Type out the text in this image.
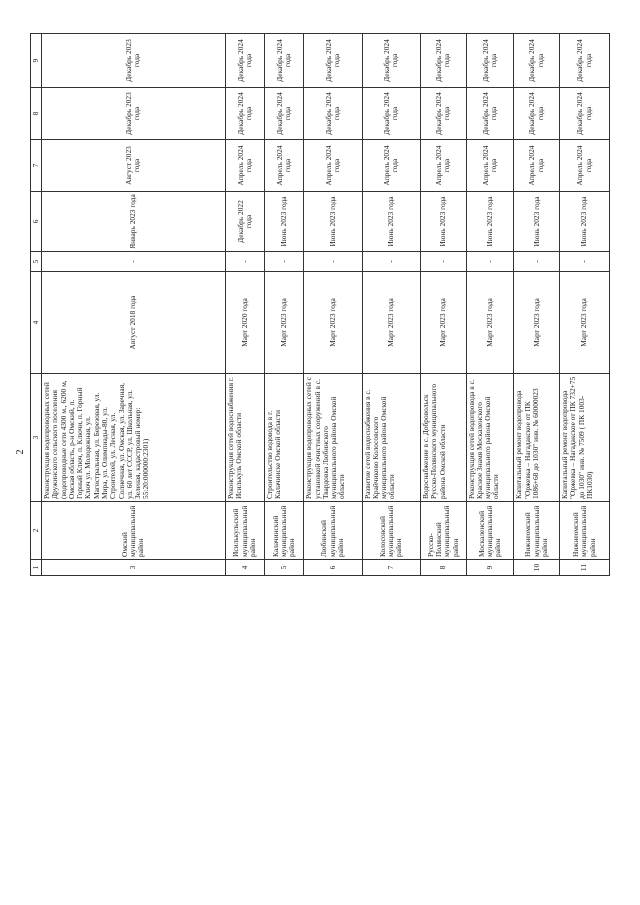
2
1	2	3	4	5	6	7	8	9
3	Омский муниципальный район	Реконструкция водопроводных сетей Дружинского сельского поселения (водопроводные сети 4300 м., 6200 м, Омская область, р-н Омский, п. Горный Ключ, п. Ключи, п. Горный Ключ ул. Молодежная, ул. Магистральная, ул. Березовая, ул. Мира, ул. Олимпиады-80, ул. Строителей, ул. Лесная, ул. Солнечная, ул. Омская, ул. Заречная, ул. 60 лет СССР, ул. Школьная, ул. Зеленая, кадастровый номер: 55:20:000000:2301)	Август 2018 года	-	Январь 2023 года	Август 2023 года	Декабрь 2023 года	Декабрь 2023 года
4	Исилькульский муниципальный район	Реконструкция сетей водоснабжения г. Исилькуль Омской области	Март 2020 года	-	Декабрь 2022 года	Апрель 2024 года	Декабрь 2024 года	Декабрь 2024 года
5	Калачинский муниципальный район	Строительство водовода в г. Калачинске Омской области	Март 2023 года	-	Июнь 2023 года	Апрель 2024 года	Декабрь 2024 года	Декабрь 2024 года
6	Любинский муниципальный район	Реконструкция водопроводных сетей с установкой очистных сооружений в с. Твардовка Любинского муниципального района Омской области	Март 2023 года	-	Июнь 2023 года	Апрель 2024 года	Декабрь 2024 года	Декабрь 2024 года
7	Колосовский муниципальный район	Развитие сетей водоснабжения в с. Крайчиково Колосовского муниципального района Омской области	Март 2023 года	-	Июнь 2023 года	Апрель 2024 года	Декабрь 2024 года	Декабрь 2024 года
8	Русско-Полянский муниципальный район	Водоснабжение в с. Добровольск Русско-Полянского муниципального района Омской области	Март 2023 года	-	Июнь 2023 года	Апрель 2024 года	Декабрь 2024 года	Декабрь 2024 года
9	Москаленский муниципальный район	Реконструкция сетей водопровода в с. Красное Знамя Москаленского муниципального района Омской области	Март 2023 года	-	Июнь 2023 года	Апрель 2024 года	Декабрь 2024 года	Декабрь 2024 года
10	Нижнеомский муниципальный район	Капитальный ремонт водопровода "Оржевка – Нагадакское от ПК 1086+68 до 1030" инв. № 60000023	Март 2023 года	-	Июнь 2023 года	Апрель 2024 года	Декабрь 2024 года	Декабрь 2024 года
11	Нижнеомский муниципальный район	Капитальный ремонт водопровода "Оржевка – Нагадакское от ПК 732+75 до 1030" инв. № 7509 ( ПК 1003-ПК1030)	Март 2023 года	-	Июнь 2023 года	Апрель 2024 года	Декабрь 2024 года	Декабрь 2024 года
